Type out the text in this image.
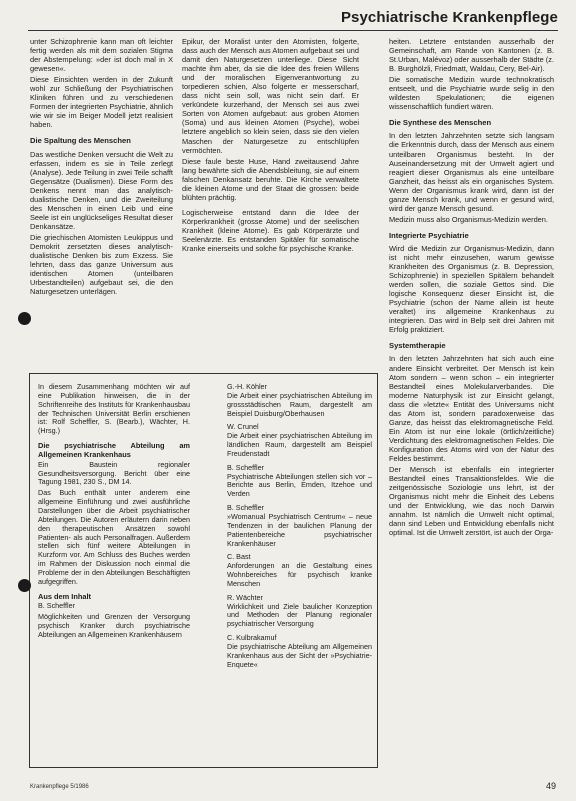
Psychiatrische Krankenpflege

unter Schizophrenie kann man oft leichter fertig werden als mit dem sozialen Stigma der Abstempelung: »der ist doch mal in X gewesen«.

Diese Einsichten werden in der Zukunft wohl zur Schließung der Psychiatrischen Kliniken führen und zu verschiedenen Formen der integrierten Psychiatrie, ähnlich wie wir sie im Beiger Modell jetzt realisiert haben.

Die Spaltung des Menschen

Das westliche Denken versucht die Welt zu erfassen, indem es sie in Teile zerlegt (Analyse). Jede Teilung in zwei Teile schafft Gegensätze (Dualismen). Diese Form des Denkens nennt man das analytisch-dualistische Denken, und die Zweiteilung des Menschen in einen Leib und eine Seele ist ein unglückseliges Resultat dieser Denkansätze.

Die griechischen Atomisten Leukippus und Demokrit zersetzten dieses analytisch-dualistische Denken bis zum Exzess. Sie lehrten, dass das ganze Universum aus identischen Atomen (unteilbaren Urbestandteilen) aufgebaut sei, die den Naturgesetzen unterlägen.

Epikur, der Moralist unter den Atomisten, folgerte, dass auch der Mensch aus Atomen aufgebaut sei und damit den Naturgesetzen unterliege. Diese Sicht machte ihm aber, da sie die Idee des freien Willens und der moralischen Eigenverantwortung zu torpedieren schien, Also folgerte er messerscharf, dass nicht sein soll, was nicht sein darf. Er verkündete kurzerhand, der Mensch sei aus zwei Sorten von Atomen aufgebaut: aus groben Atomen (Soma) und aus kleinen Atomen (Psyche), wobei letztere angeblich so klein seien, dass sie den vielen Maschen der Naturgesetze zu entschlüpfen vermöchten.

Diese faule beste Huse, Hand zweitausend Jahre lang bewährte sich die Abendsbleitung, sie auf einem falschen Denkansatz beruhte. Die Kirche verwaltete die kleinen Atome und der Staat die grossen: beide blühten prächtig.

Logischerweise entstand dann die Idee der Körperkrankheit (grosse Atome) und der seelischen Krankheit (kleine Atome). Es gab Körperärzte und Seelenärzte. Es entstanden Spitäler für somatische Kranke einerseits und solche für psychische Kranke.

heiten. Letztere entstanden ausserhalb der Gemeinschaft, am Rande von Kantonen (z. B. St.Urban, Malévoz) oder ausserhalb der Städte (z. B. Burghölzli, Friedmatt, Waldau, Cery, Bel-Air).

Die somatische Medizin wurde technokratisch entseelt, und die Psychiatrie wurde selig in den wildesten Spekulationen; die eigenen wissenschaftlich fundiert wären.

Die Synthese des Menschen

In den letzten Jahrzehnten setzte sich langsam die Erkenntnis durch, dass der Mensch aus einem unteilbaren Organismus besteht. In der Auseinandersetzung mit der Umwelt agiert und reagiert dieser Organismus als eine unteilbare Ganzheit, das heisst als ein organisches System. Wenn der Organismus krank wird, dann ist der ganze Mensch krank, und wenn er gesund wird, wird der ganze Mensch gesund.

Medizin muss also Organismus-Medizin werden.

Integrierte Psychiatrie

Wird die Medizin zur Organismus-Medizin, dann ist nicht mehr einzusehen, warum gewisse Krankheiten des Organismus (z. B. Depression, Schizophrenie) in speziellen Spitälern behandelt werden sollen, die soziale Gettos sind. Die logische Konsequenz dieser Einsicht ist, die Psychiatrie (schon der Name allein ist heute veraltet) ins allgemeine Krankenhaus zu integrieren. Das wird in Belp seit drei Jahren mit Erfolg praktiziert.

Systemtherapie

In den letzten Jahrzehnten hat sich auch eine andere Einsicht verbreitet. Der Mensch ist kein Atom sondern – wenn schon – ein integrierter Bestandteil eines Molekularverbandes. Die moderne Naturphysik ist zur Einsicht gelangt, dass die »letzte« Entität des Universums nicht das Atom ist, sondern paradoxerweise das Ganze, das heisst das elektromagnetische Feld. Ein Atom ist nur eine lokale (örtlich/zeitliche) Verdichtung des elektromagnetischen Feldes. Die Konfiguration des Atoms wird von der Natur des Feldes bestimmt.

Der Mensch ist ebenfalls ein integrierter Bestandteil eines Transaktionsfeldes. Wie die zeitgenössische Soziologie uns lehrt, ist der Organismus nicht mehr die Einheit des Lebens und der Entwicklung, wie das noch Darwin annahm. Ist nämlich die Umwelt nicht optimal, dann sind Leben und Entwicklung ebenfalls nicht optimal. Ist die Umwelt zerstört, ist auch der Orga-

In diesem Zusammenhang möchten wir auf eine Publikation hinweisen, die in der Schriftenreihe des Instituts für Krankenhausbau der Technischen Universität Berlin erschienen ist: Rolf Scheffler, S. (Bearb.), Wächter, H. (Hrsg.)

Die psychiatrische Abteilung am Allgemeinen Krankenhaus

Ein Baustein regionaler Gesundheitsversorgung. Bericht über eine Tagung 1981, 230 S., DM 14.

Das Buch enthält unter anderem eine allgemeine Einführung und zwei ausführliche Darstellungen über die Arbeit psychiatrischer Abteilungen. Die Autoren erläutern darin neben den therapeutischen Ansätzen sowohl Patienten- als auch Personalfragen. Außerdem stellen sich fünf weitere Abteilungen in Kurzform vor. Am Schluss des Buches werden im Rahmen der Diskussion noch einmal die Probleme der in den Abteilungen Beschäftigten aufgegriffen.

Aus dem Inhalt

B. Scheffler

Möglichkeiten und Grenzen der Versorgung psychisch Kranker durch psychiatrische Abteilungen an Allgemeinen Krankenhäusern

G.-H. Köhler
Die Arbeit einer psychiatrischen Abteilung im grossstädtischen Raum, dargestellt am Beispiel Duisburg/Oberhausen
W. Crunel
Die Arbeit einer psychiatrischen Abteilung im ländlichen Raum, dargestellt am Beispiel Freudenstadt
B. Scheffler
Psychiatrische Abteilungen stellen sich vor – Berichte aus Berlin, Emden, Itzehoe und Verden
B. Scheffler
»Womanual Psychiatrisch Centrum« – neue Tendenzen in der baulichen Planung der Patientenbereiche psychiatrischer Krankenhäuser
C. Bast
Anforderungen an die Gestaltung eines Wohnbereiches für psychisch kranke Menschen
R. Wächter
Wirklichkeit und Ziele baulicher Konzeption und Methoden der Planung regionaler psychiatrischer Versorgung
C. Kulbrakamuf
Die psychiatrische Abteilung am Allgemeinen Krankenhaus aus der Sicht der »Psychiatrie-Enquete«
Krankenpflege 5/1986	49
